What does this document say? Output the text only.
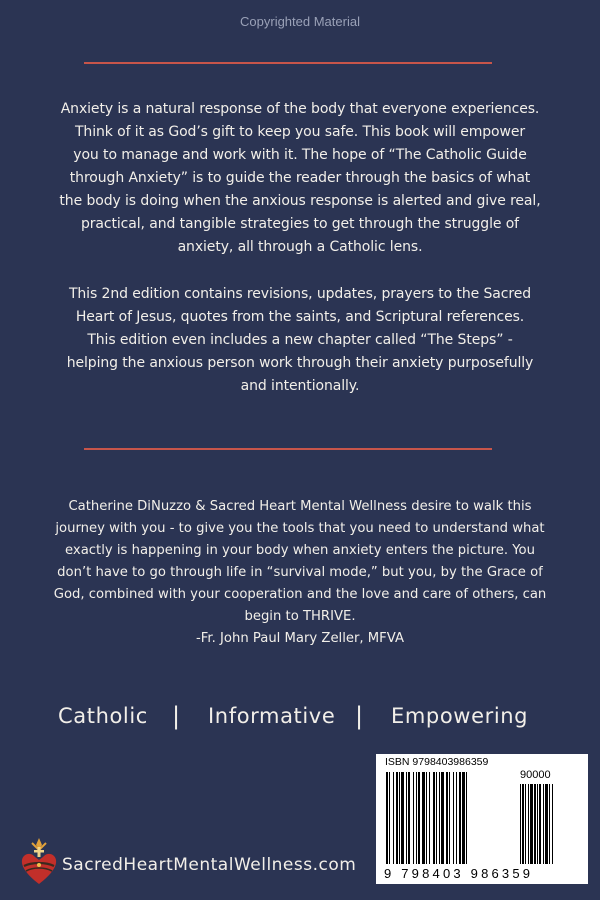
Copyrighted Material
Anxiety is a natural response of the body that everyone experiences.
Think of it as God’s gift to keep you safe. This book will empower
you to manage and work with it. The hope of “The Catholic Guide
through Anxiety” is to guide the reader through the basics of what
the body is doing when the anxious response is alerted and give real,
practical, and tangible strategies to get through the struggle of
anxiety, all through a Catholic lens.
This 2nd edition contains revisions, updates, prayers to the Sacred
Heart of Jesus, quotes from the saints, and Scriptural references.
This edition even includes a new chapter called “The Steps” -
helping the anxious person work through their anxiety purposefully
and intentionally.
Catherine DiNuzzo & Sacred Heart Mental Wellness desire to walk this
journey with you - to give you the tools that you need to understand what
exactly is happening in your body when anxiety enters the picture. You
don’t have to go through life in “survival mode,” but you, by the Grace of
God, combined with your cooperation and the love and care of others, can
begin to THRIVE.
-Fr. John Paul Mary Zeller, MFVA
Catholic | Informative | Empowering
SacredHeartMentalWellness.com
ISBN 9798403986359
90000
9 798403 986359
